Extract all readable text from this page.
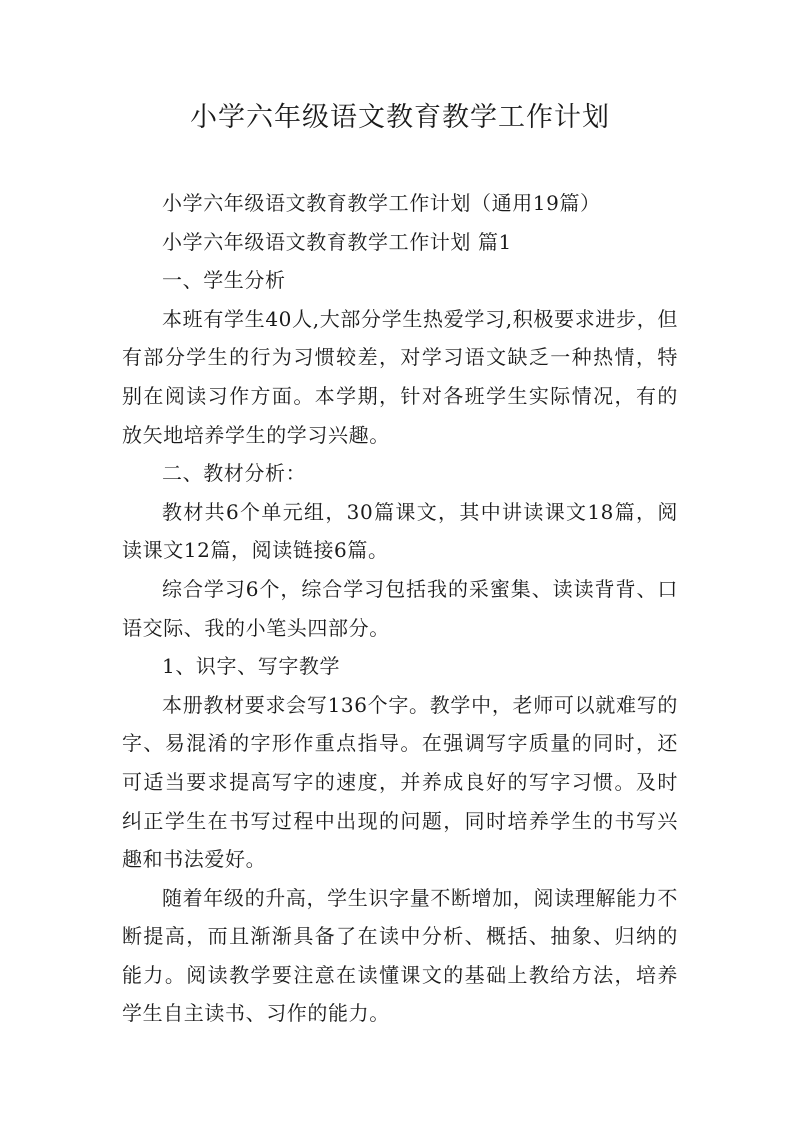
小学六年级语文教育教学工作计划

小学六年级语文教育教学工作计划（通用19篇）

小学六年级语文教育教学工作计划 篇1

一、学生分析

本班有学生40人,大部分学生热爱学习,积极要求进步，但有部分学生的行为习惯较差，对学习语文缺乏一种热情，特别在阅读习作方面。本学期，针对各班学生实际情况，有的放矢地培养学生的学习兴趣。

二、教材分析：

教材共6个单元组，30篇课文，其中讲读课文18篇，阅读课文12篇，阅读链接6篇。

综合学习6个，综合学习包括我的采蜜集、读读背背、口语交际、我的小笔头四部分。

1、识字、写字教学

本册教材要求会写136个字。教学中，老师可以就难写的字、易混淆的字形作重点指导。在强调写字质量的同时，还可适当要求提高写字的速度，并养成良好的写字习惯。及时纠正学生在书写过程中出现的问题，同时培养学生的书写兴趣和书法爱好。

随着年级的升高，学生识字量不断增加，阅读理解能力不断提高，而且渐渐具备了在读中分析、概括、抽象、归纳的能力。阅读教学要注意在读懂课文的基础上教给方法，培养学生自主读书、习作的能力。
